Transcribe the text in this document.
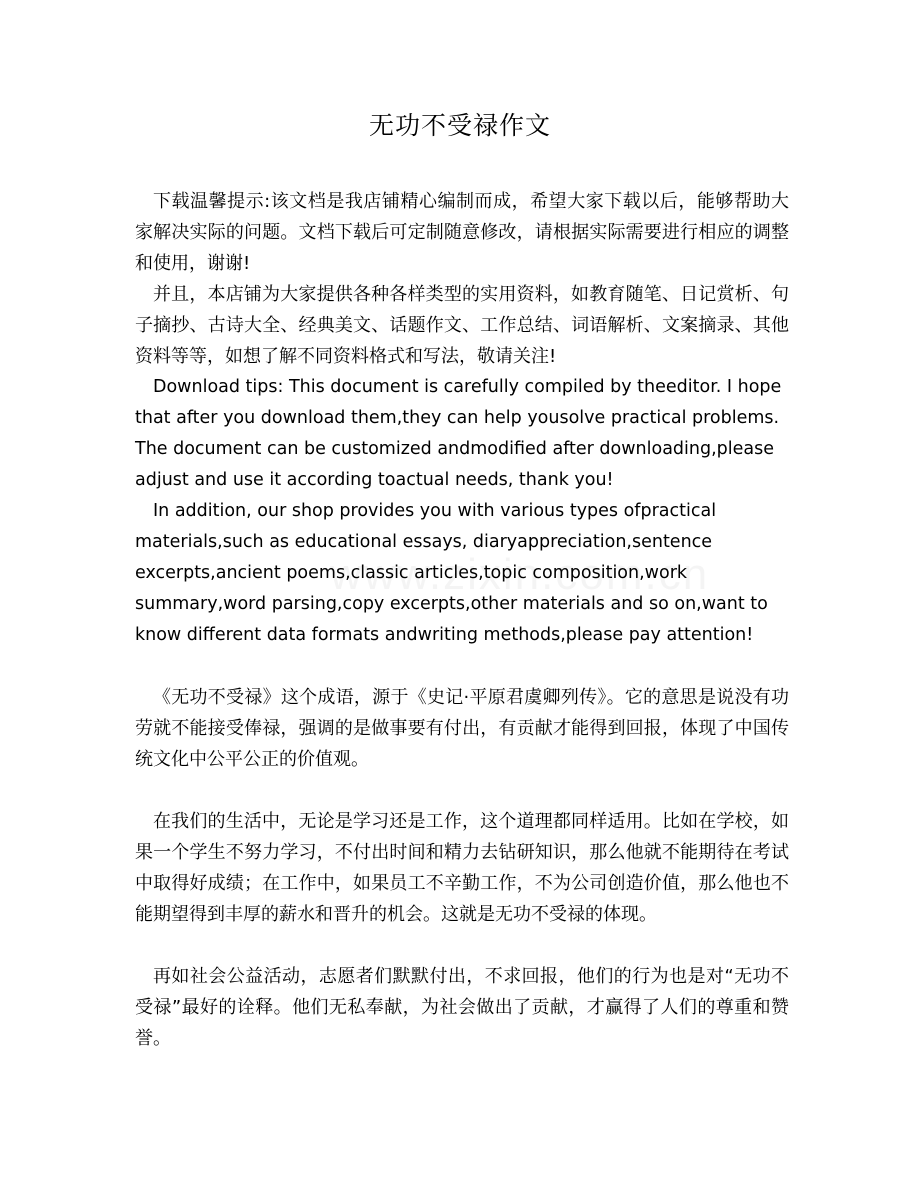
无功不受禄作文

下载温馨提示:该文档是我店铺精心编制而成，希望大家下载以后，能够帮助大家解决实际的问题。文档下载后可定制随意修改，请根据实际需要进行相应的调整和使用，谢谢!

并且，本店铺为大家提供各种各样类型的实用资料，如教育随笔、日记赏析、句子摘抄、古诗大全、经典美文、话题作文、工作总结、词语解析、文案摘录、其他资料等等，如想了解不同资料格式和写法，敬请关注!

Download tips: This document is carefully compiled by theeditor. I hope that after you download them,they can help yousolve practical problems. The document can be customized andmodified after downloading,please adjust and use it according toactual needs, thank you!

In addition, our shop provides you with various types ofpractical materials,such as educational essays, diaryappreciation,sentence excerpts,ancient poems,classic articles,topic composition,work summary,word parsing,copy excerpts,other materials and so on,want to know different data formats andwriting methods,please pay attention!

《无功不受禄》这个成语，源于《史记·平原君虞卿列传》。它的意思是说没有功劳就不能接受俸禄，强调的是做事要有付出，有贡献才能得到回报，体现了中国传统文化中公平公正的价值观。

在我们的生活中，无论是学习还是工作，这个道理都同样适用。比如在学校，如果一个学生不努力学习，不付出时间和精力去钻研知识，那么他就不能期待在考试中取得好成绩；在工作中，如果员工不辛勤工作，不为公司创造价值，那么他也不能期望得到丰厚的薪水和晋升的机会。这就是无功不受禄的体现。

再如社会公益活动，志愿者们默默付出，不求回报，他们的行为也是对“无功不受禄”最好的诠释。他们无私奉献，为社会做出了贡献，才赢得了人们的尊重和赞誉。
